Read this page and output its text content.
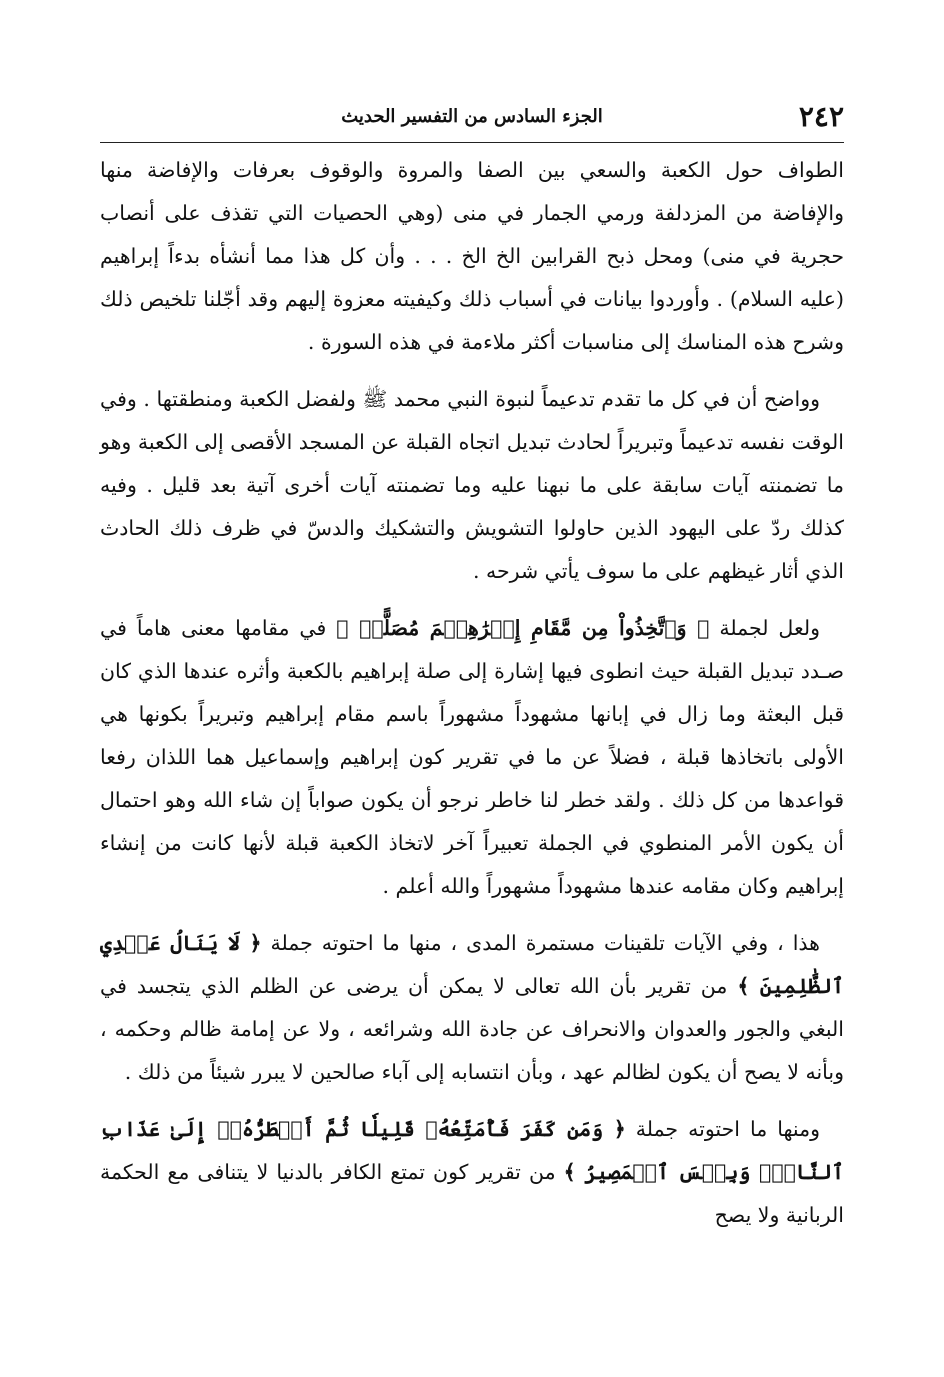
٢٤٢
الجزء السادس من التفسير الحديث

الطواف حول الكعبة والسعي بين الصفا والمروة والوقوف بعرفات والإفاضة منها والإفاضة من المزدلفة ورمي الجمار في منى (وهي الحصيات التي تقذف على أنصاب حجرية في منى) ومحل ذبح القرابين الخ الخ . . . وأن كل هذا مما أنشأه بدءاً إبراهيم (عليه السلام) . وأوردوا بيانات في أسباب ذلك وكيفيته معزوة إليهم وقد أجّلنا تلخيص ذلك وشرح هذه المناسك إلى مناسبات أكثر ملاءمة في هذه السورة .

وواضح أن في كل ما تقدم تدعيماً لنبوة النبي محمد ﷺ ولفضل الكعبة ومنطقتها . وفي الوقت نفسه تدعيماً وتبريراً لحادث تبديل اتجاه القبلة عن المسجد الأقصى إلى الكعبة وهو ما تضمنته آيات سابقة على ما نبهنا عليه وما تضمنته آيات أخرى آتية بعد قليل . وفيه كذلك ردّ على اليهود الذين حاولوا التشويش والتشكيك والدسّ في ظرف ذلك الحادث الذي أثار غيظهم على ما سوف يأتي شرحه .

ولعل لجملة ﴿ وَٱتَّخِذُواْ مِن مَّقَامِ إِبۡرَٰهِـۧمَ مُصَلًّىۖ ﴾ في مقامها معنى هاماً في صـدد تبديل القبلة حيث انطوى فيها إشارة إلى صلة إبراهيم بالكعبة وأثره عندها الذي كان قبل البعثة وما زال في إبانها مشهوداً مشهوراً باسم مقام إبراهيم وتبريراً بكونها هي الأولى باتخاذها قبلة ، فضلاً عن ما في تقرير كون إبراهيم وإسماعيل هما اللذان رفعا قواعدها من كل ذلك . ولقد خطر لنا خاطر نرجو أن يكون صواباً إن شاء الله وهو احتمال أن يكون الأمر المنطوي في الجملة تعبيراً آخر لاتخاذ الكعبة قبلة لأنها كانت من إنشاء إبراهيم وكان مقامه عندها مشهوداً مشهوراً والله أعلم .

هذا ، وفي الآيات تلقينات مستمرة المدى ، منها ما احتوته جملة ﴿ لَا يَنَالُ عَهۡدِي ٱلظَّٰلِمِينَ ﴾ من تقرير بأن الله تعالى لا يمكن أن يرضى عن الظلم الذي يتجسد في البغي والجور والعدوان والانحراف عن جادة الله وشرائعه ، ولا عن إمامة ظالم وحكمه ، وبأنه لا يصح أن يكون لظالم عهد ، وبأن انتسابه إلى آباء صالحين لا يبرر شيئاً من ذلك .

ومنها ما احتوته جملة ﴿ وَمَن كَفَرَ فَأُمَتِّعُهُۥ قَلِيلٗا ثُمَّ أَضۡطَرُّهُۥٓ إِلَىٰ عَذَابِ ٱلنَّارِۖ وَبِئۡسَ ٱلۡمَصِيرُ ﴾ من تقرير كون تمتع الكافر بالدنيا لا يتنافى مع الحكمة الربانية ولا يصح
